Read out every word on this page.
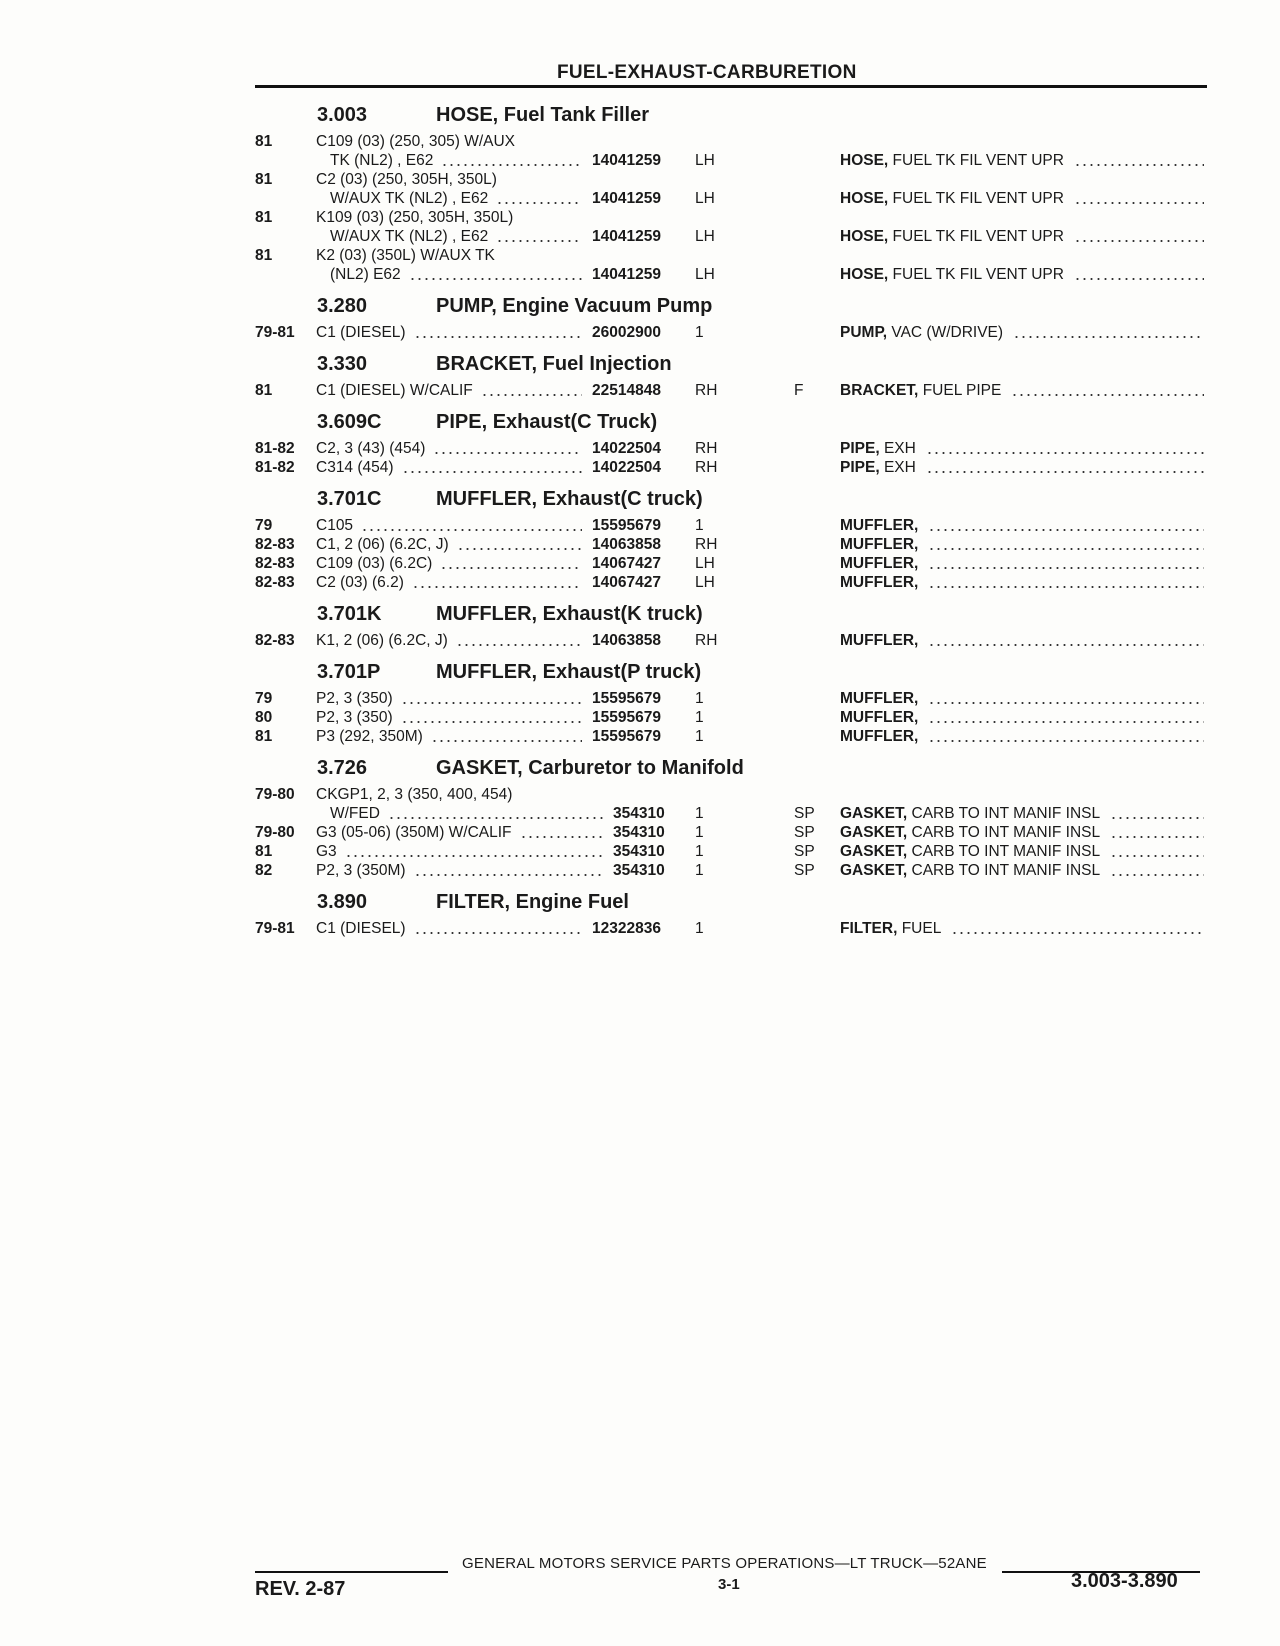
FUEL-EXHAUST-CARBURETION
3.003	HOSE, Fuel Tank Filler
81	C109 (03) (250, 305) W/AUX
TK (NL2) , E62	14041259 LH	HOSE, FUEL TK FIL VENT UPR
81	C2 (03) (250, 305H, 350L)
W/AUX TK (NL2) , E62	14041259 LH	HOSE, FUEL TK FIL VENT UPR
81	K109 (03) (250, 305H, 350L)
W/AUX TK (NL2) , E62	14041259 LH	HOSE, FUEL TK FIL VENT UPR
81	K2 (03) (350L) W/AUX TK
(NL2) E62	14041259 LH	HOSE, FUEL TK FIL VENT UPR
3.280	PUMP, Engine Vacuum Pump
79-81 C1 (DIESEL)	26002900 1	PUMP, VAC (W/DRIVE)
3.330	BRACKET, Fuel Injection
81	C1 (DIESEL) W/CALIF	22514848 RH	F BRACKET, FUEL PIPE
3.609C	PIPE, Exhaust(C Truck)
81-82 C2, 3 (43) (454)	14022504 RH	PIPE, EXH
81-82 C314 (454)	14022504 RH	PIPE, EXH
3.701C	MUFFLER, Exhaust(C truck)
79	C105	15595679 1	MUFFLER,
82-83 C1, 2 (06) (6.2C, J)	14063858 RH	MUFFLER,
82-83 C109 (03) (6.2C)	14067427 LH	MUFFLER,
82-83 C2 (03) (6.2)	14067427 LH	MUFFLER,
3.701K	MUFFLER, Exhaust(K truck)
82-83 K1, 2 (06) (6.2C, J)	14063858 RH	MUFFLER,
3.701P	MUFFLER, Exhaust(P truck)
79	P2, 3 (350)	15595679 1	MUFFLER,
80	P2, 3 (350)	15595679 1	MUFFLER,
81	P3 (292, 350M)	15595679 1	MUFFLER,
3.726	GASKET, Carburetor to Manifold
79-80 CKGP1, 2, 3 (350, 400, 454)
W/FED	354310 1	SP GASKET, CARB TO INT MANIF INSL
79-80 G3 (05-06) (350M) W/CALIF	354310 1	SP GASKET, CARB TO INT MANIF INSL
81	G3	354310 1	SP GASKET, CARB TO INT MANIF INSL
82	P2, 3 (350M)	354310 1	SP GASKET, CARB TO INT MANIF INSL
3.890	FILTER, Engine Fuel
79-81 C1 (DIESEL)	12322836 1	FILTER, FUEL
GENERAL MOTORS SERVICE PARTS OPERATIONS—LT TRUCK—52ANE
REV. 2-87	3-1	3.003-3.890
